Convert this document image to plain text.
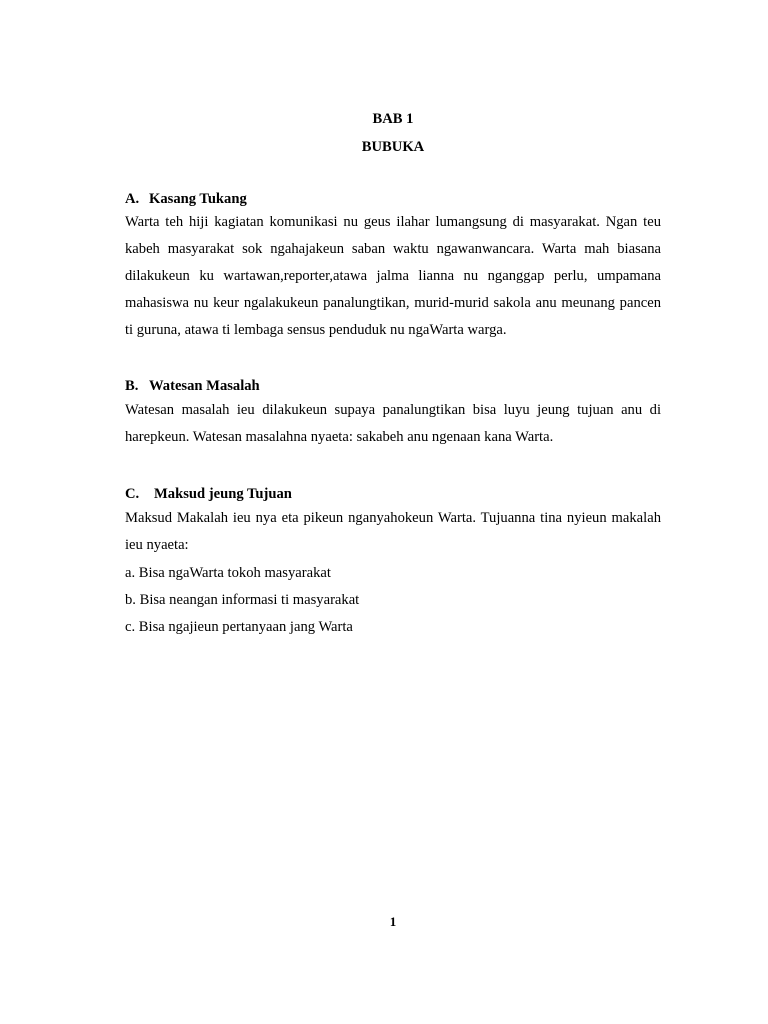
BAB 1
BUBUKA
A. Kasang Tukang

Warta teh hiji kagiatan komunikasi nu geus ilahar lumangsung di masyarakat. Ngan teu kabeh masyarakat sok ngahajakeun saban waktu ngawanwancara. Warta mah biasana dilakukeun ku wartawan,reporter,atawa jalma lianna nu nganggap perlu, umpamana mahasiswa nu keur ngalakukeun panalungtikan, murid-murid sakola anu meunang pancen ti guruna, atawa ti lembaga sensus penduduk nu ngaWarta warga.

B. Watesan Masalah

Watesan masalah ieu dilakukeun supaya panalungtikan bisa luyu jeung tujuan anu di harepkeun. Watesan masalahna nyaeta: sakabeh anu ngenaan kana Warta.

C. Maksud jeung Tujuan

Maksud Makalah ieu nya eta pikeun nganyahokeun Warta. Tujuanna tina nyieun makalah ieu nyaeta:

a. Bisa ngaWarta tokoh masyarakat
b. Bisa neangan informasi ti masyarakat
c. Bisa ngajieun pertanyaan jang Warta
1
